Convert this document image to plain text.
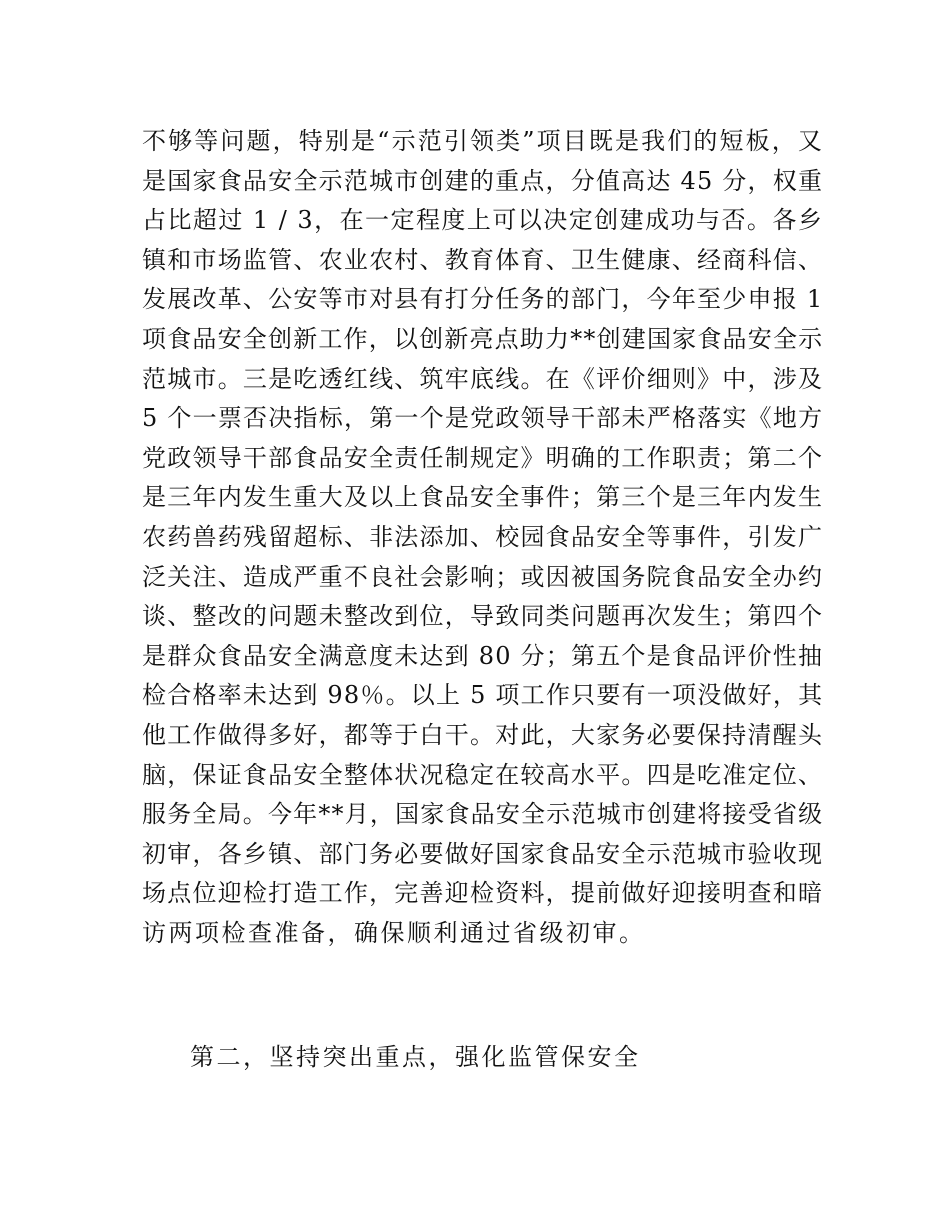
不够等问题，特别是“示范引领类”项目既是我们的短板，又
是国家食品安全示范城市创建的重点，分值高达 45 分，权重
占比超过 1 / 3，在一定程度上可以决定创建成功与否。各乡
镇和市场监管、农业农村、教育体育、卫生健康、经商科信、
发展改革、公安等市对县有打分任务的部门，今年至少申报 1
项食品安全创新工作，以创新亮点助力**创建国家食品安全示
范城市。三是吃透红线、筑牢底线。在《评价细则》中，涉及
5 个一票否决指标，第一个是党政领导干部未严格落实《地方
党政领导干部食品安全责任制规定》明确的工作职责；第二个
是三年内发生重大及以上食品安全事件；第三个是三年内发生
农药兽药残留超标、非法添加、校园食品安全等事件，引发广
泛关注、造成严重不良社会影响；或因被国务院食品安全办约
谈、整改的问题未整改到位，导致同类问题再次发生；第四个
是群众食品安全满意度未达到 80 分；第五个是食品评价性抽
检合格率未达到 98％。以上 5 项工作只要有一项没做好，其
他工作做得多好，都等于白干。对此，大家务必要保持清醒头
脑，保证食品安全整体状况稳定在较高水平。四是吃准定位、
服务全局。今年**月，国家食品安全示范城市创建将接受省级
初审，各乡镇、部门务必要做好国家食品安全示范城市验收现
场点位迎检打造工作，完善迎检资料，提前做好迎接明查和暗
访两项检查准备，确保顺利通过省级初审。
第二，坚持突出重点，强化监管保安全
